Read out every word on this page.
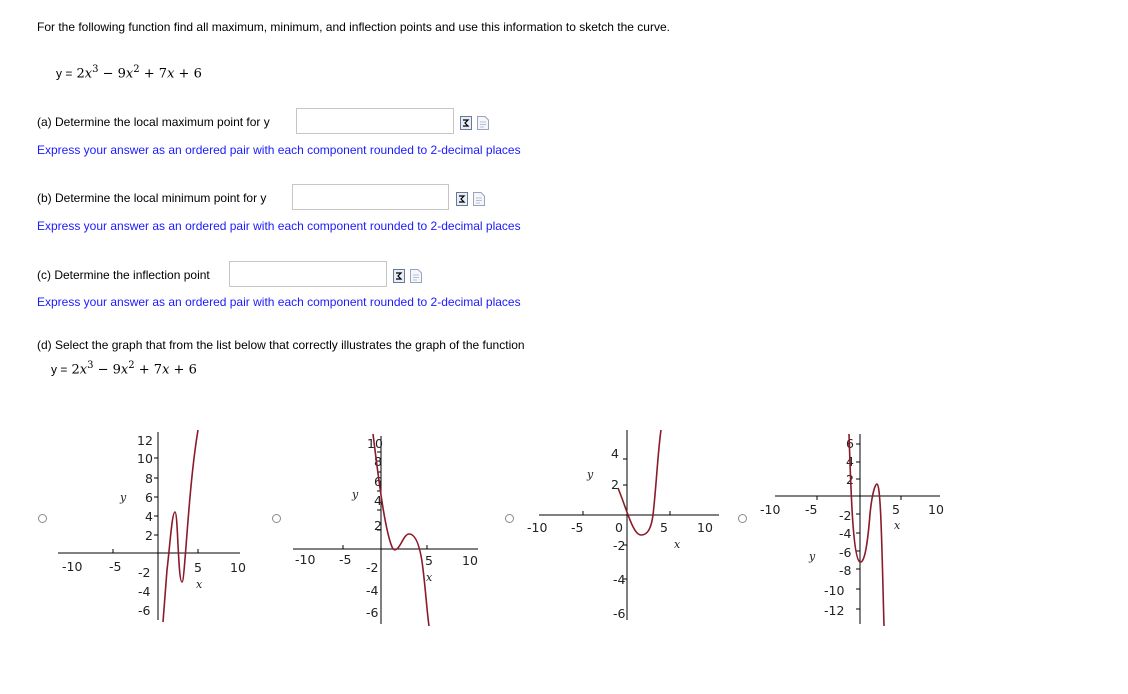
For the following function find all maximum, minimum, and inflection points and use this information to sketch the curve.
$y = 2x^3 - 9x^2 + 7x + 6$
(a) Determine the local maximum point for y
Express your answer as an ordered pair with each component rounded to 2-decimal places
(b) Determine the local minimum point for y
Express your answer as an ordered pair with each component rounded to 2-decimal places
(c) Determine the inflection point
Express your answer as an ordered pair with each component rounded to 2-decimal places
(d) Select the graph that from the list below that correctly illustrates the graph of the function
$y = 2x^3 - 9x^2 + 7x + 6$
-10 -5	5 10
12
10
8
6
4
2
-2
-4
-6
y
x
-10 -5	5 10
10
8
6
4
2
-2
-4
-6
y
x
-10 -5	0	5 10
4
2
-2
-4
-6
y
x
-10 -5	5 10
6
4
2
-2
-4
-6
-8
-10
-12
y
x
